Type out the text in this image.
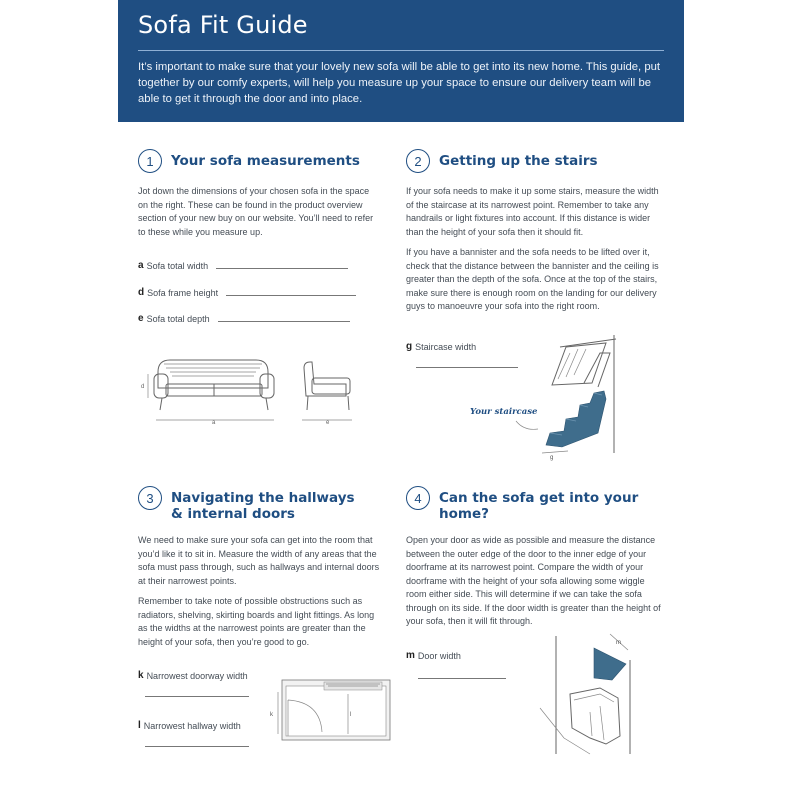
Sofa Fit Guide

It’s important to make sure that your lovely new sofa will be able to get into its new home. This guide, put together by our comfy experts, will help you measure up your space to ensure our delivery team will be able to get it through the door and into place.

1	Your sofa measurements
Jot down the dimensions of your chosen sofa in the space on the right. These can be found in the product overview section of your new buy on our website. You’ll need to refer to these while you measure up.
a Sofa total width
d Sofa frame height
e Sofa total depth
a
d
e
2	Getting up the stairs
If your sofa needs to make it up some stairs, measure the width of the staircase at its narrowest point. Remember to take any handrails or light fixtures into account. If this distance is wider than the height of your sofa then it should fit.
If you have a bannister and the sofa needs to be lifted over it, check that the distance between the bannister and the ceiling is greater than the depth of the sofa. Once at the top of the stairs, make sure there is enough room on the landing for our delivery guys to manoeuvre your sofa into the right room.
g Staircase width
Your staircase
g
3	Navigating the hallways
& internal doors
We need to make sure your sofa can get into the room that you’d like it to sit in. Measure the width of any areas that the sofa must pass through, such as hallways and internal doors at their narrowest points.
Remember to take note of possible obstructions such as radiators, shelving, skirting boards and light fittings. As long as the widths at the narrowest points are greater than the height of your sofa, then you’re good to go.
k Narrowest doorway width
l Narrowest hallway width
k	l
4	Can the sofa get into your home?
Open your door as wide as possible and measure the distance between the outer edge of the door to the inner edge of your doorframe at its narrowest point. Compare the width of your doorframe with the height of your sofa allowing some wiggle room either side. This will determine if we can take the sofa through on its side. If the door width is greater than the height of your sofa, then it will fit through.
m Door width
m
